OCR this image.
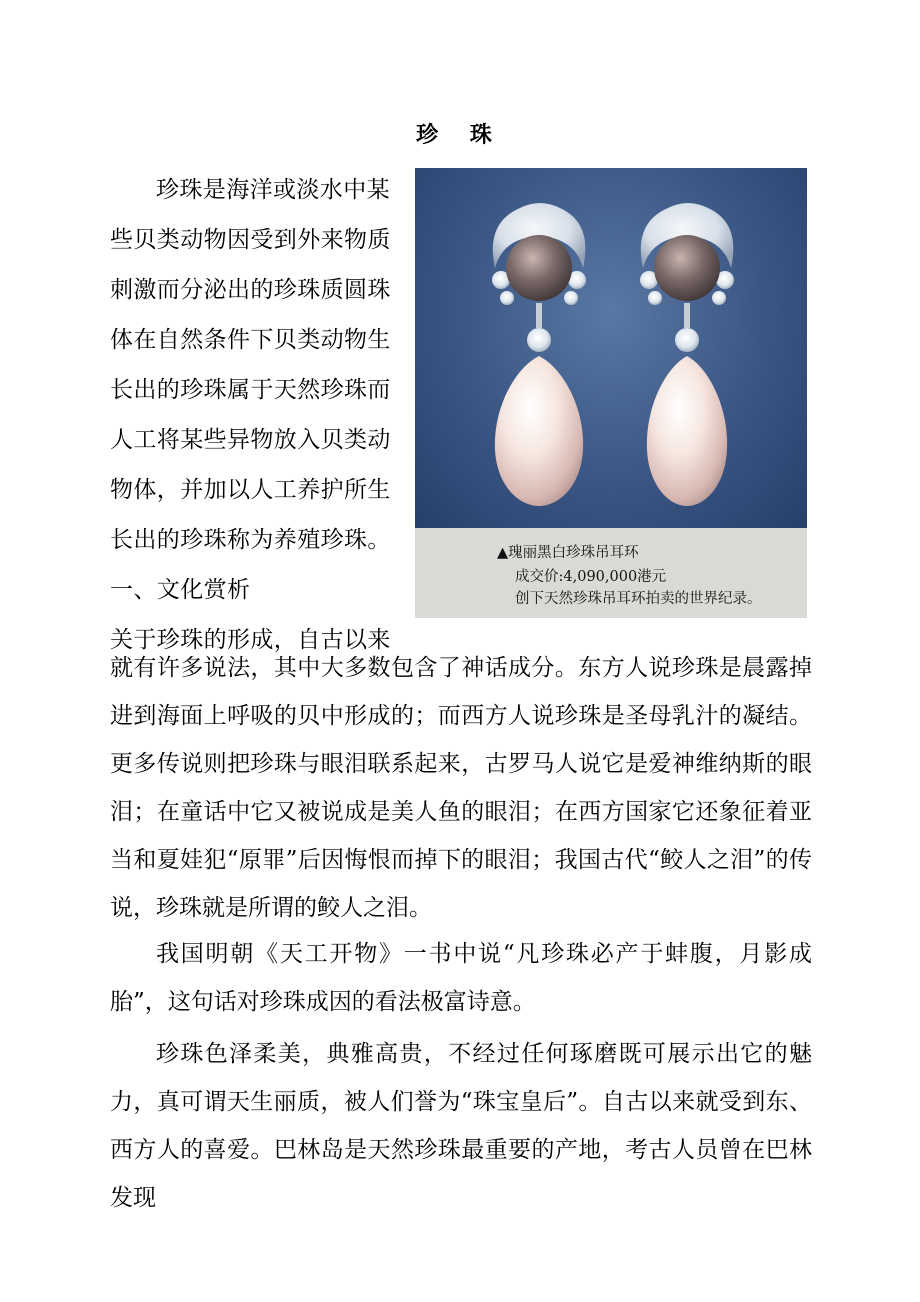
珍 珠
珍珠是海洋或淡水中某
些贝类动物因受到外来物质
刺激而分泌出的珍珠质圆珠
体在自然条件下贝类动物生
长出的珍珠属于天然珍珠而
人工将某些异物放入贝类动
物体，并加以人工养护所生
长出的珍珠称为养殖珍珠。
一、文化赏析
关于珍珠的形成，自古以来
▲瑰丽黑白珍珠吊耳环
成交价:4,090,000港元
创下天然珍珠吊耳环拍卖的世界纪录。
就有许多说法，其中大多数包含了神话成分。东方人说珍珠是晨露掉进到海面上呼吸的贝中形成的；而西方人说珍珠是圣母乳汁的凝结。更多传说则把珍珠与眼泪联系起来，古罗马人说它是爱神维纳斯的眼泪；在童话中它又被说成是美人鱼的眼泪；在西方国家它还象征着亚当和夏娃犯“原罪”后因悔恨而掉下的眼泪；我国古代“鲛人之泪”的传说，珍珠就是所谓的鲛人之泪。
我国明朝《天工开物》一书中说“凡珍珠必产于蚌腹，月影成胎”，这句话对珍珠成因的看法极富诗意。
珍珠色泽柔美，典雅高贵，不经过任何琢磨既可展示出它的魅力，真可谓天生丽质，被人们誉为“珠宝皇后”。自古以来就受到东、西方人的喜爱。巴林岛是天然珍珠最重要的产地，考古人员曾在巴林发现
